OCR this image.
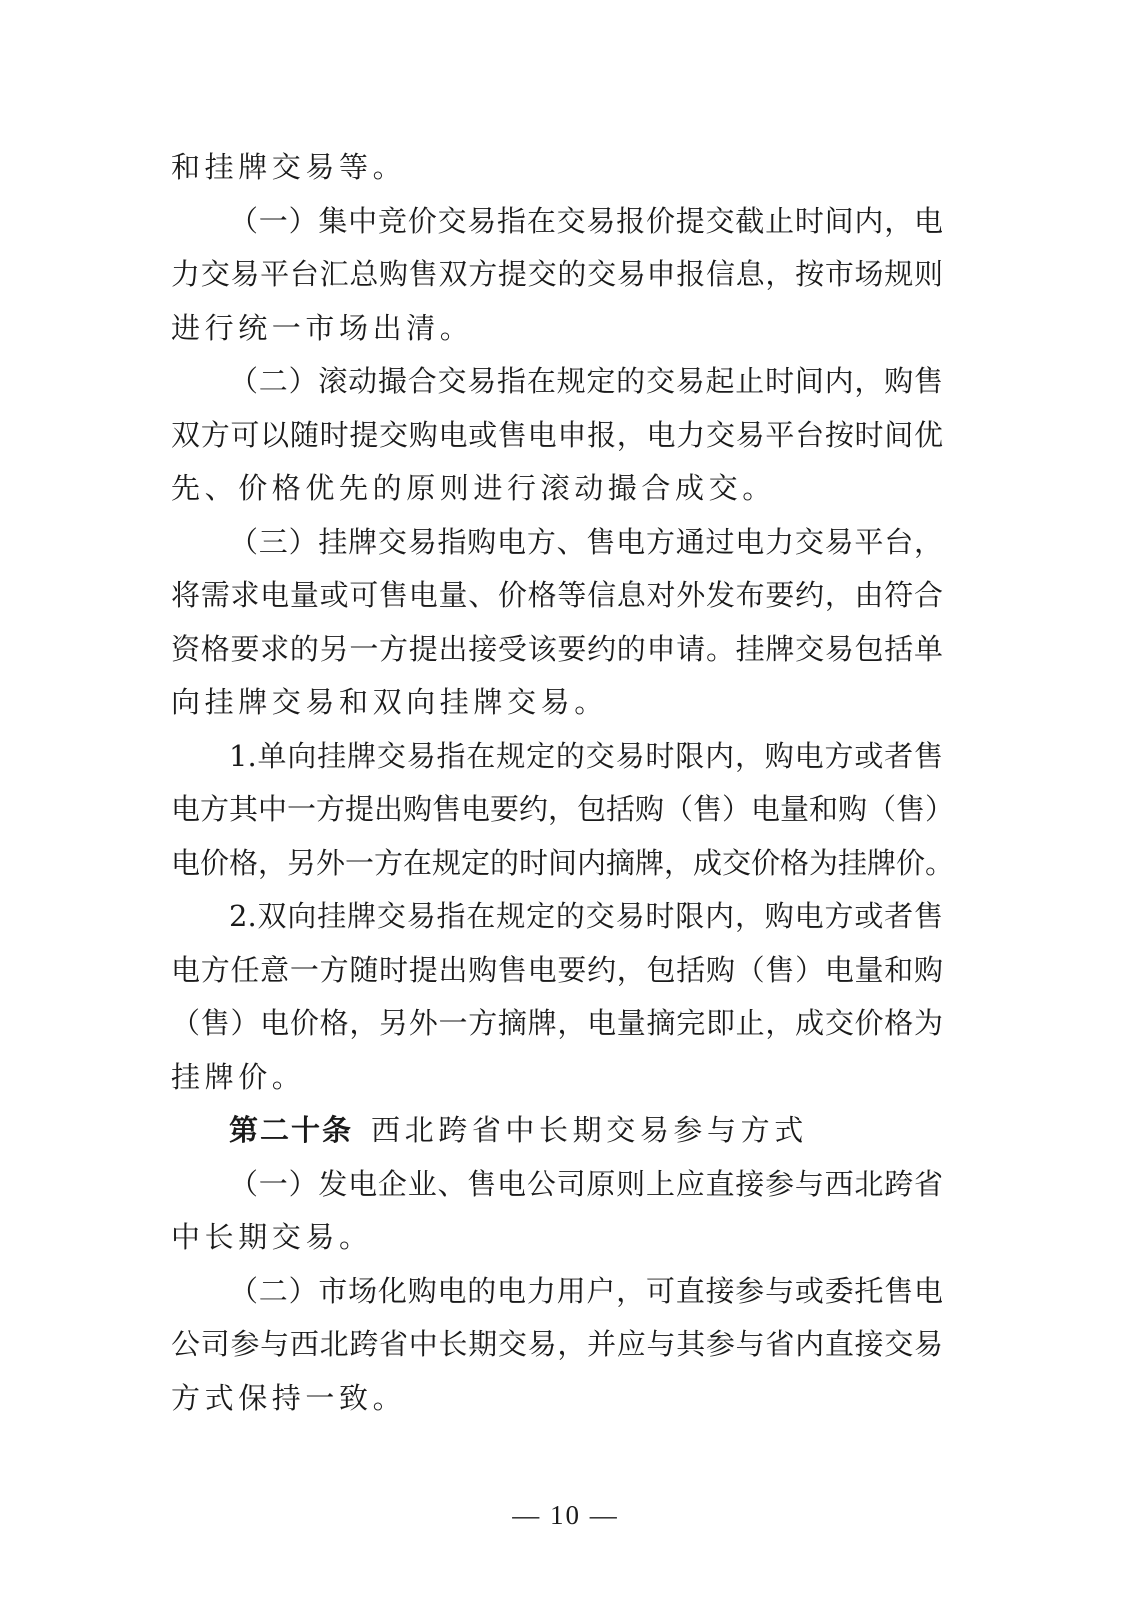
和挂牌交易等。
（一）集中竞价交易指在交易报价提交截止时间内，电
力交易平台汇总购售双方提交的交易申报信息，按市场规则
进行统一市场出清。
（二）滚动撮合交易指在规定的交易起止时间内，购售
双方可以随时提交购电或售电申报，电力交易平台按时间优
先、价格优先的原则进行滚动撮合成交。
（三）挂牌交易指购电方、售电方通过电力交易平台，
将需求电量或可售电量、价格等信息对外发布要约，由符合
资格要求的另一方提出接受该要约的申请。挂牌交易包括单
向挂牌交易和双向挂牌交易。
1.单向挂牌交易指在规定的交易时限内，购电方或者售
电方其中一方提出购售电要约，包括购（售）电量和购（售）
电价格，另外一方在规定的时间内摘牌，成交价格为挂牌价。
2.双向挂牌交易指在规定的交易时限内，购电方或者售
电方任意一方随时提出购售电要约，包括购（售）电量和购
（售）电价格，另外一方摘牌，电量摘完即止，成交价格为
挂牌价。
第二十条 西北跨省中长期交易参与方式
（一）发电企业、售电公司原则上应直接参与西北跨省
中长期交易。
（二）市场化购电的电力用户，可直接参与或委托售电
公司参与西北跨省中长期交易，并应与其参与省内直接交易
方式保持一致。
— 10 —
